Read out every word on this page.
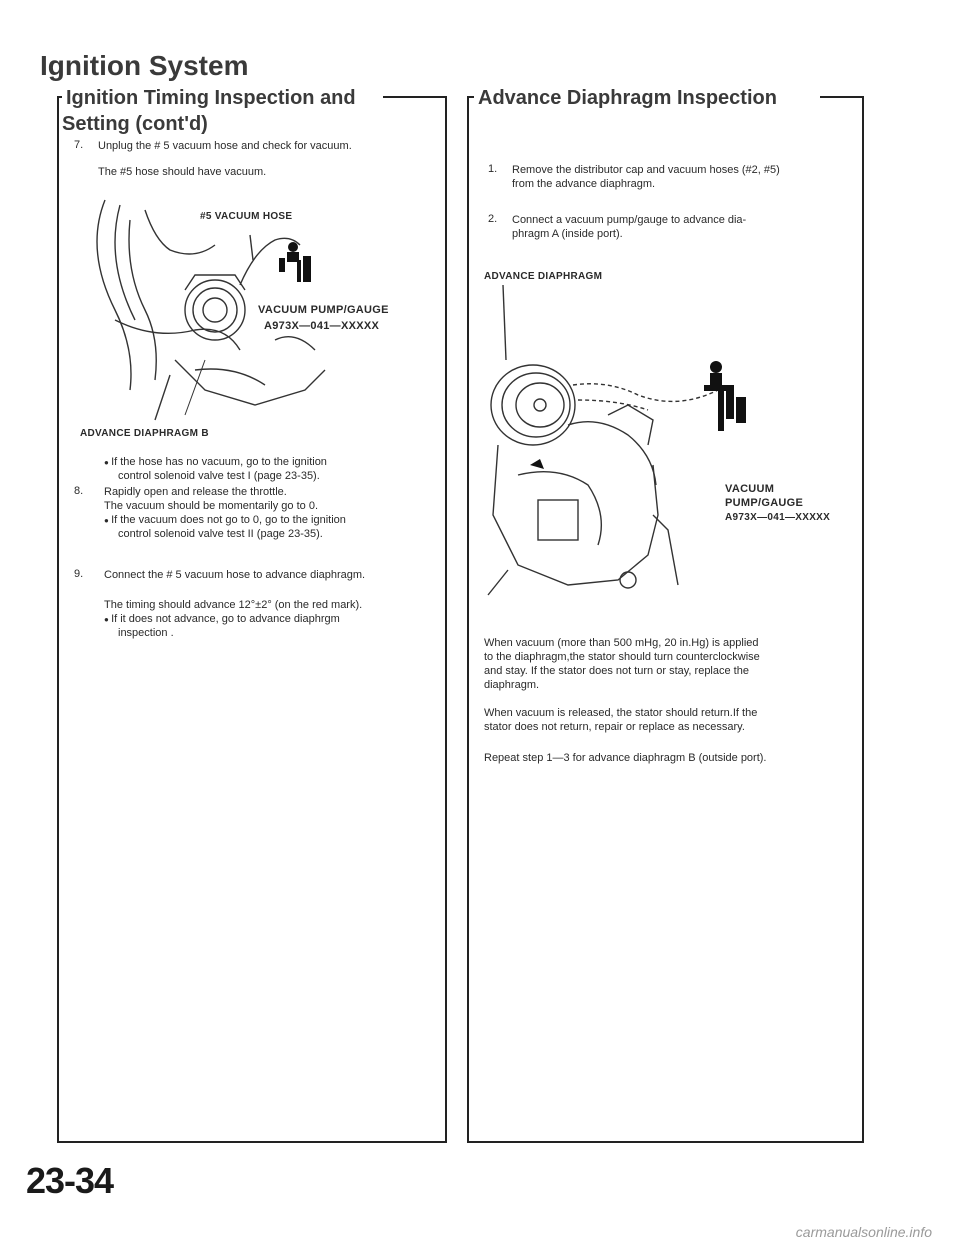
Ignition System
Ignition Timing Inspection and
Setting (cont'd)
7. Unplug the # 5 vacuum hose and check for vacuum.
The #5 hose should have vacuum.
#5 VACUUM HOSE
VACUUM PUMP/GAUGE
A973X—041—XXXXX
ADVANCE DIAPHRAGM B
● If the hose has no vacuum, go to the ignition
control solenoid valve test I (page 23-35).
8. Rapidly open and release the throttle.
The vacuum should be momentarily go to 0.
● If the vacuum does not go to 0, go to the ignition
control solenoid valve test II (page 23-35).
9. Connect the # 5 vacuum hose to advance diaphragm.
The timing should advance 12°±2° (on the red mark).
● If it does not advance, go to advance diaphrgm
inspection .
Advance Diaphragm Inspection
1. Remove the distributor cap and vacuum hoses (#2, #5)
from the advance diaphragm.
2. Connect a vacuum pump/gauge to advance dia-
phragm A (inside port).
ADVANCE DIAPHRAGM
VACUUM
PUMP/GAUGE
A973X—041—XXXXX
When vacuum (more than 500 mHg, 20 in.Hg) is applied
to the diaphragm,the stator should turn counterclockwise
and stay. If the stator does not turn or stay, replace the
diaphragm.
When vacuum is released, the stator should return.If the
stator does not return, repair or replace as necessary.
Repeat step 1—3 for advance diaphragm B (outside port).
23-34
carmanualsonline.info
